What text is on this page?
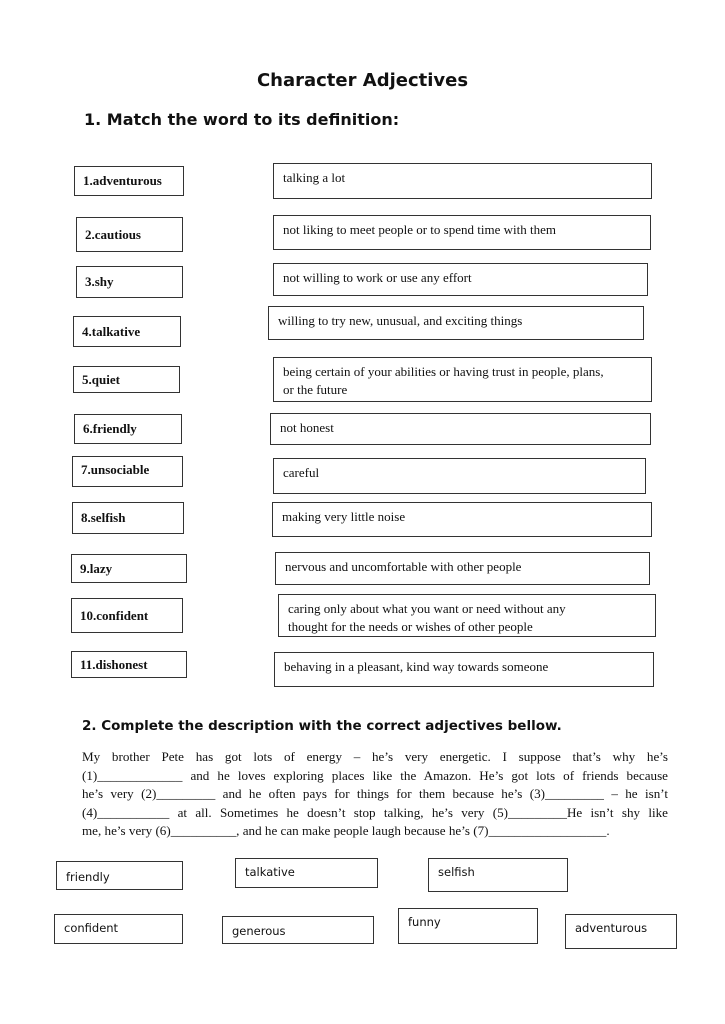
Character Adjectives
1. Match the word to its definition:
1.adventurous
2.cautious
3.shy
4.talkative
5.quiet
6.friendly
7.unsociable
8.selfish
9.lazy
10.confident
11.dishonest
talking a lot
not liking to meet people or to spend time with them
not willing to work or use any effort
willing to try new, unusual, and exciting things
being certain of your abilities or having trust in people, plans, or the future
not honest
careful
making very little noise
nervous and uncomfortable with other people
caring only about what you want or need without any thought for the needs or wishes of other people
behaving in a pleasant, kind way towards someone
2. Complete the description with the correct adjectives bellow.

My brother Pete has got lots of energy – he’s very energetic. I suppose that’s why he’s
(1)_____________ and he loves exploring places like the Amazon. He’s got lots of friends because
he’s very (2)_________ and he often pays for things for them because he’s (3)_________ – he isn’t
(4)___________ at all. Sometimes he doesn’t stop talking, he’s very (5)_________He isn’t shy like
me, he’s very (6)__________, and he can make people laugh because he’s (7)__________________.

friendly	talkative	selfish
confident	generous
funny	adventurous
